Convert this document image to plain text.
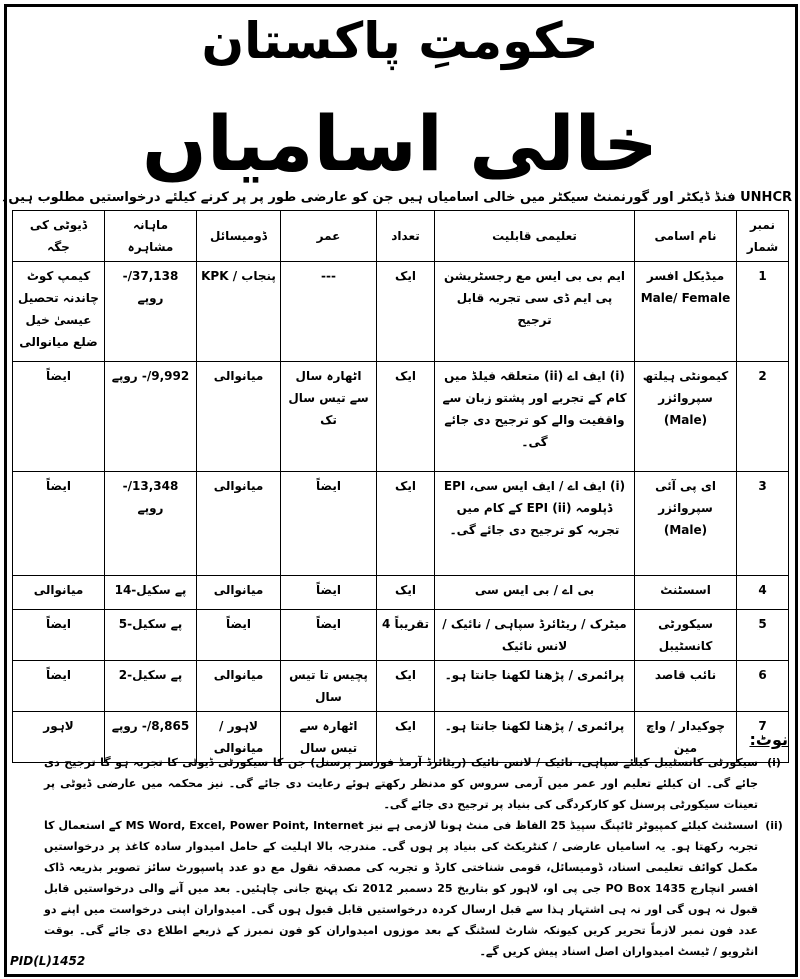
حکومتِ پاکستان
خالی اسامیاں
UNHCR فنڈ ڈیکٹر اور گورنمنٹ سیکٹر میں خالی اسامیاں ہیں جن کو عارضی طور پر پر کرنے کیلئے درخواستیں مطلوب ہیں۔
نمبر شمار	نام اسامی	تعلیمی قابلیت	تعداد	عمر	ڈومیسائل	ماہانہ مشاہرہ	ڈیوٹی کی جگہ
1	میڈیکل افسر Male/ Female	ایم بی بی ایس مع رجسٹریشن پی ایم ڈی سی تجربہ قابل ترجیح	ایک	---	پنجاب / KPK	37,138/- روپے	کیمپ کوٹ چاندنہ تحصیل عیسیٰ خیل ضلع میانوالی
2	کیمونٹی ہیلتھ سپروائزر (Male)	(i) ایف اے (ii) متعلقہ فیلڈ میں کام کے تجربے اور پشتو زبان سے واقفیت والے کو ترجیح دی جائے گی۔	ایک	اٹھارہ سال سے تیس سال تک	میانوالی	9,992/- روپے	ایضاً
3	ای پی آئی سپروائزر (Male)	(i) ایف اے / ایف ایس سی، EPI ڈپلومہ (ii) EPI کے کام میں تجربہ کو ترجیح دی جائے گی۔	ایک	ایضاً	میانوالی	13,348/- روپے	ایضاً
4	اسسٹنٹ	بی اے / بی ایس سی	ایک	ایضاً	میانوالی	پے سکیل-14	میانوالی
5	سیکورٹی کانسٹیبل	میٹرک / ریٹائرڈ سپاہی / نائیک / لانس نائیک	تقریباً 4	ایضاً	ایضاً	پے سکیل-5	ایضاً
6	نائب قاصد	پرائمری / پڑھنا لکھنا جانتا ہو۔	ایک	پچیس تا تیس سال	میانوالی	پے سکیل-2	ایضاً
7	چوکیدار / واچ مین	پرائمری / پڑھنا لکھنا جانتا ہو۔	ایک	اٹھارہ سے تیس سال	لاہور / میانوالی	8,865/- روپے	لاہور
نوٹ:
(i)
سیکورٹی کانسٹیبل کیلئے سپاہی، نائیک / لانس نائیک (ریٹائرڈ آرمڈ فورسز پرسنل) جن کا سیکورٹی ڈیوٹی کا تجربہ ہو گا ترجیح دی جائے گی۔ ان کیلئے تعلیم اور عمر میں آرمی سروس کو مدنظر رکھتے ہوئے رعایت دی جائے گی۔ نیز محکمہ میں عارضی ڈیوٹی پر تعینات سیکورٹی پرسنل کو کارکردگی کی بنیاد پر ترجیح دی جائے گی۔
(ii)
اسسٹنٹ کیلئے کمپیوٹر ٹائپنگ سپیڈ 25 الفاظ فی منٹ ہونا لازمی ہے نیز MS Word, Excel, Power Point, Internet کے استعمال کا تجربہ رکھتا ہو۔ یہ اسامیاں عارضی / کنٹریکٹ کی بنیاد پر ہوں گی۔ مندرجہ بالا اہلیت کے حامل امیدوار سادہ کاغذ پر درخواستیں مکمل کوائف تعلیمی اسناد، ڈومیسائل، قومی شناختی کارڈ و تجربہ کی مصدقہ نقول مع دو عدد پاسپورٹ سائز تصویر بذریعہ ڈاک افسر انچارج PO Box 1435 جی پی او، لاہور کو بتاریخ 25 دسمبر 2012 تک پہنچ جانی چاہئیں۔ بعد میں آنے والی درخواستیں قابل قبول نہ ہوں گی اور نہ ہی اشتہار ہذا سے قبل ارسال کردہ درخواستیں قابل قبول ہوں گی۔ امیدواران اپنی درخواست میں اپنے دو عدد فون نمبر لازماً تحریر کریں کیونکہ شارٹ لسٹنگ کے بعد موزوں امیدواران کو فون نمبرز کے ذریعے اطلاع دی جائے گی۔ بوقت انٹرویو / ٹیسٹ امیدواران اصل اسناد پیش کریں گے۔
PID(L)1452
